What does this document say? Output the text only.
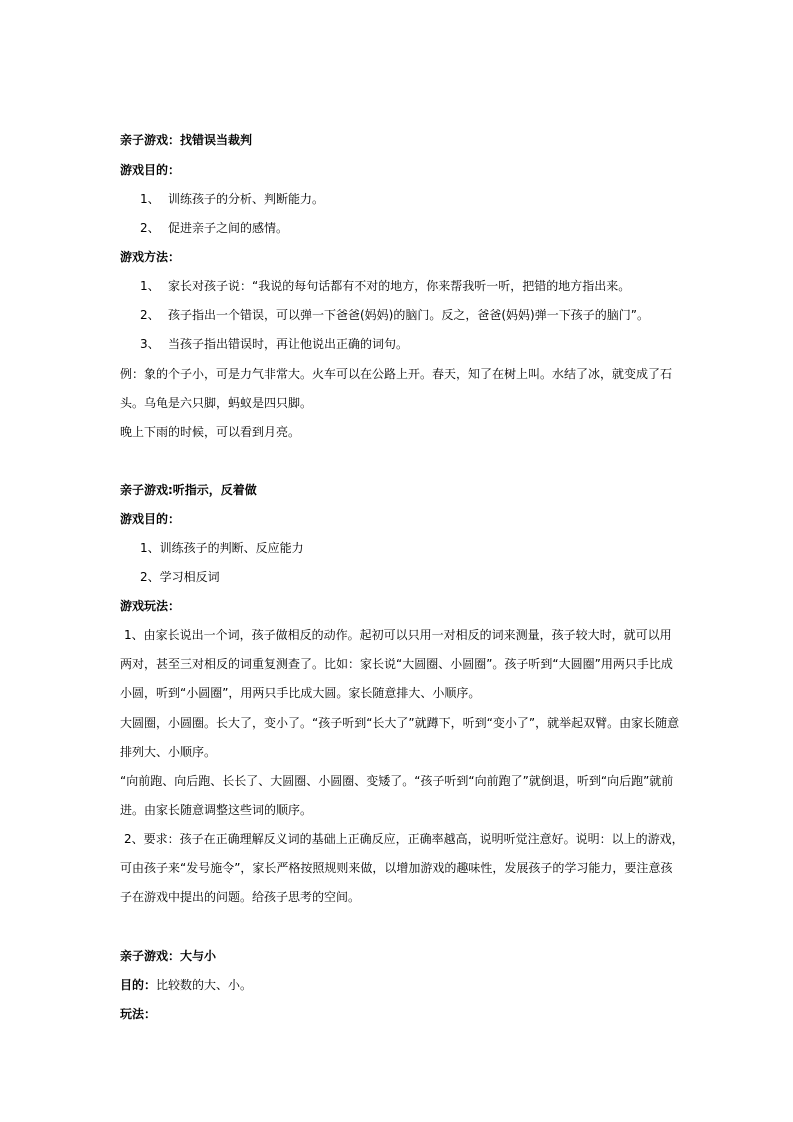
亲子游戏：找错误当裁判
游戏目的：
1、 训练孩子的分析、判断能力。
2、 促进亲子之间的感情。
游戏方法：
1、 家长对孩子说：“我说的每句话都有不对的地方，你来帮我听一听，把错的地方指出来。
2、 孩子指出一个错误，可以弹一下爸爸(妈妈)的脑门。反之，爸爸(妈妈)弹一下孩子的脑门”。
3、 当孩子指出错误时，再让他说出正确的词句。
例：象的个子小，可是力气非常大。火车可以在公路上开。春天，知了在树上叫。水结了冰，就变成了石
头。乌龟是六只脚，蚂蚁是四只脚。
晚上下雨的时候，可以看到月亮。
亲子游戏:听指示，反着做
游戏目的：
1、训练孩子的判断、反应能力
2、学习相反词
游戏玩法：
1、由家长说出一个词，孩子做相反的动作。起初可以只用一对相反的词来测量，孩子较大时，就可以用
两对，甚至三对相反的词重复测查了。比如：家长说“大圆圈、小圆圈”。孩子听到“大圆圈”用两只手比成
小圆，听到“小圆圈”，用两只手比成大圆。家长随意排大、小顺序。
大圆圈，小圆圈。长大了，变小了。“孩子听到“长大了”就蹲下，听到“变小了”，就举起双臂。由家长随意
排列大、小顺序。
“向前跑、向后跑、长长了、大圆圈、小圆圈、变矮了。“孩子听到“向前跑了”就倒退，听到“向后跑”就前
进。由家长随意调整这些词的顺序。
2、要求：孩子在正确理解反义词的基础上正确反应，正确率越高，说明听觉注意好。说明：以上的游戏，
可由孩子来“发号施令”，家长严格按照规则来做，以增加游戏的趣味性，发展孩子的学习能力，要注意孩
子在游戏中提出的问题。给孩子思考的空间。
亲子游戏：大与小
目的：比较数的大、小。
玩法：
